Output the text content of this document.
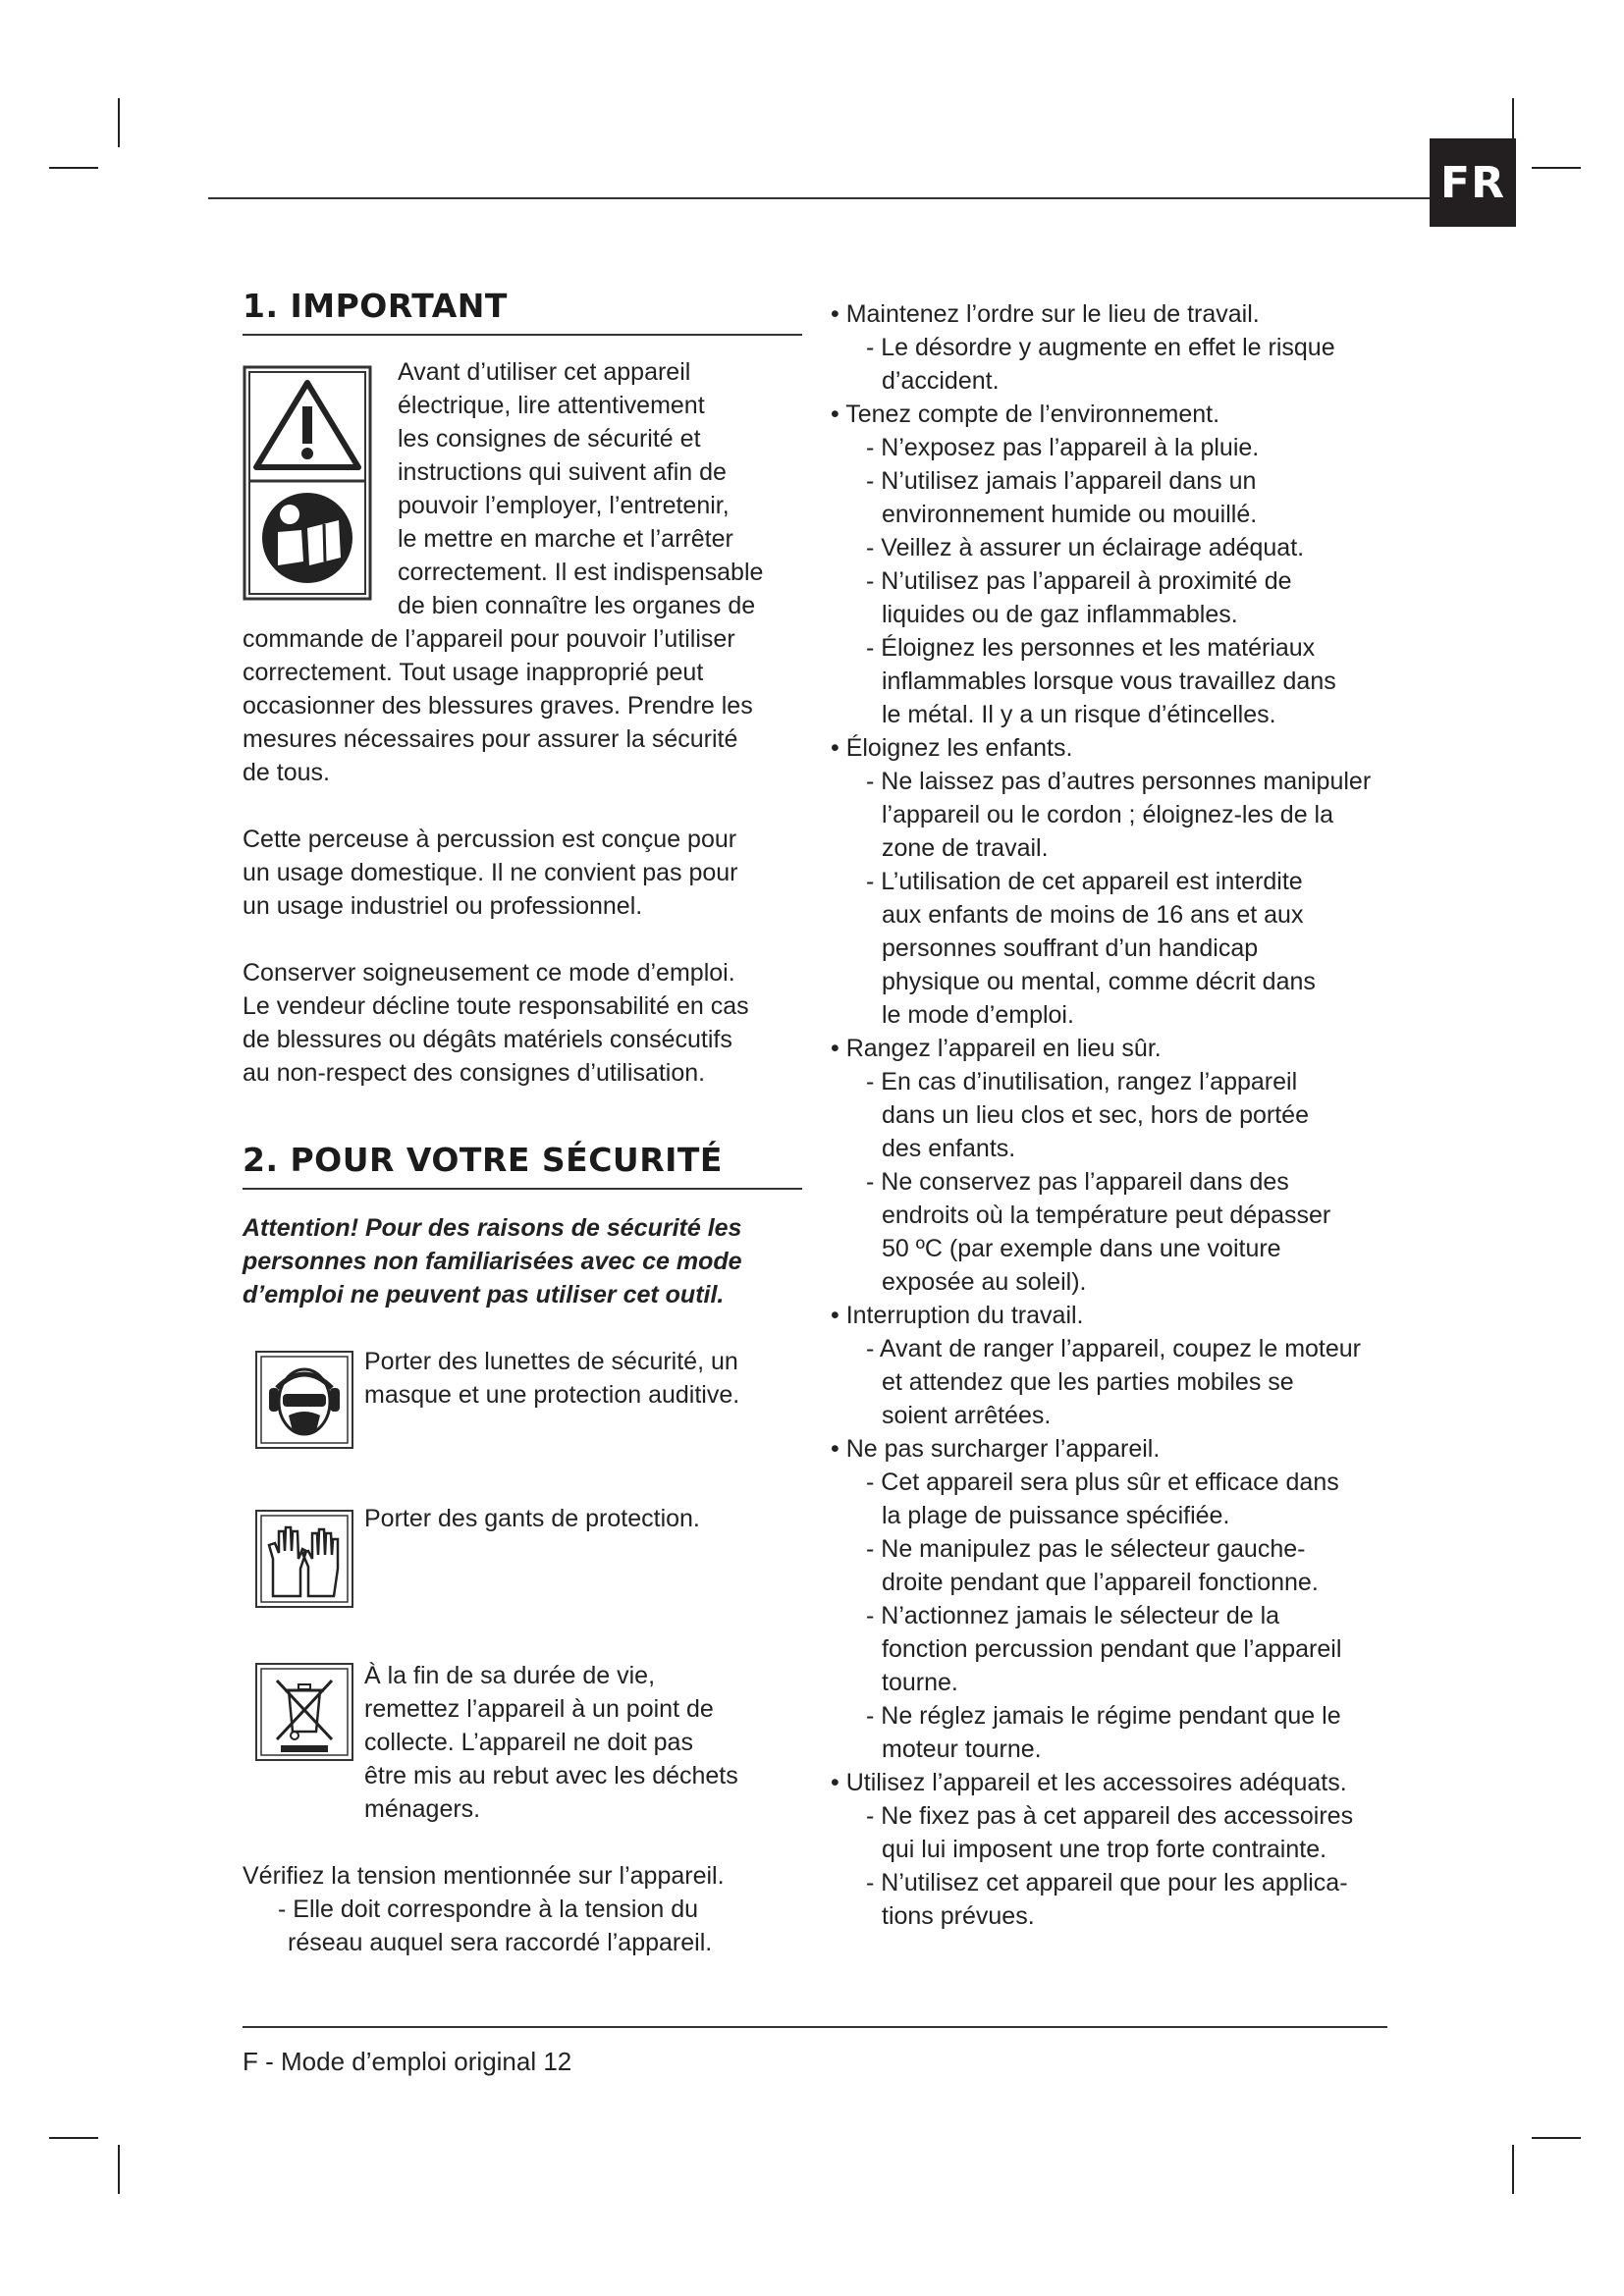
FR
1. IMPORTANT

Avant d’utiliser cet appareil

électrique, lire attentivement

les consignes de sécurité et

instructions qui suivent afin de

pouvoir l’employer, l’entretenir,

le mettre en marche et l’arrêter

correctement. Il est indispensable

de bien connaître les organes de

commande de l’appareil pour pouvoir l’utiliser

correctement. Tout usage inapproprié peut

occasionner des blessures graves. Prendre les

mesures nécessaires pour assurer la sécurité

de tous.

Cette perceuse à percussion est conçue pour

un usage domestique. Il ne convient pas pour

un usage industriel ou professionnel.

Conserver soigneusement ce mode d’emploi.

Le vendeur décline toute responsabilité en cas

de blessures ou dégâts matériels consécutifs

au non-respect des consignes d’utilisation.

2. POUR VOTRE SÉCURITÉ

Attention! Pour des raisons de sécurité les

personnes non familiarisées avec ce mode

d’emploi ne peuvent pas utiliser cet outil.

Porter des lunettes de sécurité, un

masque et une protection auditive.

Porter des gants de protection.

À la fin de sa durée de vie,

remettez l’appareil à un point de

collecte. L’appareil ne doit pas

être mis au rebut avec les déchets

ménagers.

Vérifiez la tension mentionnée sur l’appareil.

- Elle doit correspondre à la tension du

réseau auquel sera raccordé l’appareil.

• Maintenez l’ordre sur le lieu de travail.

- Le désordre y augmente en effet le risque

d’accident.

• Tenez compte de l’environnement.

- N’exposez pas l’appareil à la pluie.

- N’utilisez jamais l’appareil dans un

environnement humide ou mouillé.

- Veillez à assurer un éclairage adéquat.

- N’utilisez pas l’appareil à proximité de

liquides ou de gaz inflammables.

- Éloignez les personnes et les matériaux

inflammables lorsque vous travaillez dans

le métal. Il y a un risque d’étincelles.

• Éloignez les enfants.

- Ne laissez pas d’autres personnes manipuler

l’appareil ou le cordon ; éloignez-les de la

zone de travail.

- L’utilisation de cet appareil est interdite

aux enfants de moins de 16 ans et aux

personnes souffrant d’un handicap

physique ou mental, comme décrit dans

le mode d’emploi.

• Rangez l’appareil en lieu sûr.

- En cas d’inutilisation, rangez l’appareil

dans un lieu clos et sec, hors de portée

des enfants.

- Ne conservez pas l’appareil dans des

endroits où la température peut dépasser

50 ºC (par exemple dans une voiture

exposée au soleil).

• Interruption du travail.

- Avant de ranger l’appareil, coupez le moteur

et attendez que les parties mobiles se

soient arrêtées.

• Ne pas surcharger l’appareil.

- Cet appareil sera plus sûr et efficace dans

la plage de puissance spécifiée.

- Ne manipulez pas le sélecteur gauche-

droite pendant que l’appareil fonctionne.

- N’actionnez jamais le sélecteur de la

fonction percussion pendant que l’appareil

tourne.

- Ne réglez jamais le régime pendant que le

moteur tourne.

• Utilisez l’appareil et les accessoires adéquats.

- Ne fixez pas à cet appareil des accessoires

qui lui imposent une trop forte contrainte.

- N’utilisez cet appareil que pour les applica-

tions prévues.

F - Mode d’emploi original 12
